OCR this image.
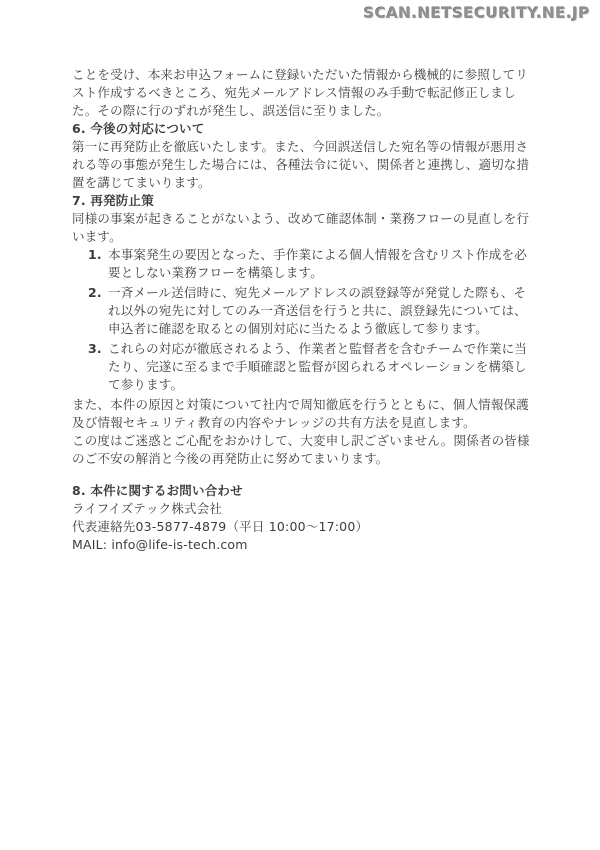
SCAN.NETSECURITY.NE.JP

ことを受け、本来お申込フォームに登録いただいた情報から機械的に参照してリスト作成するべきところ、宛先メールアドレス情報のみ手動で転記修正しました。その際に行のずれが発生し、誤送信に至りました。

6. 今後の対応について

第一に再発防止を徹底いたします。また、今回誤送信した宛名等の情報が悪用される等の事態が発生した場合には、各種法令に従い、関係者と連携し、適切な措置を講じてまいります。

7. 再発防止策

同様の事案が起きることがないよう、改めて確認体制・業務フローの見直しを行います。

本事案発生の要因となった、手作業による個人情報を含むリスト作成を必要としない業務フローを構築します。
一斉メール送信時に、宛先メールアドレスの誤登録等が発覚した際も、それ以外の宛先に対してのみ一斉送信を行うと共に、誤登録先については、申込者に確認を取るとの個別対応に当たるよう徹底して参ります。
これらの対応が徹底されるよう、作業者と監督者を含むチームで作業に当たり、完遂に至るまで手順確認と監督が図られるオペレーションを構築して参ります。

また、本件の原因と対策について社内で周知徹底を行うとともに、個人情報保護及び情報セキュリティ教育の内容やナレッジの共有方法を見直します。

この度はご迷惑とご心配をおかけして、大変申し訳ございません。関係者の皆様のご不安の解消と今後の再発防止に努めてまいります。

8. 本件に関するお問い合わせ

ライフイズテック株式会社

代表連絡先03-5877-4879（平日 10:00～17:00）

MAIL: info@life-is-tech.com
